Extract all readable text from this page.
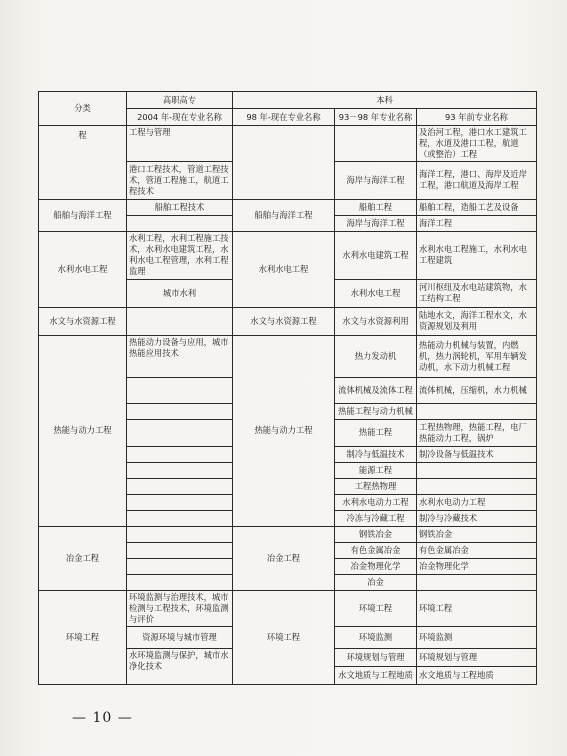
分类	高职高专	本科		
	2004 年-现在专业名称	98 年-现在专业名称	93－98 年专业名称	93 年前专业名称
程	工程与管理			及治河工程，港口水工建筑工程，水道及港口工程，航道（或整治）工程
	港口工程技术，管道工程技术，管道工程施工，航道工程技术		海岸与海洋工程	海洋工程，港口、海岸及近岸工程，港口航道及海岸工程
船舶与海洋工程	船舶工程技术	船舶与海洋工程	船舶工程	船舶工程，造船工艺及设备
			海岸与海洋工程	海洋工程
水利水电工程	水利工程，水利工程施工技术，水利水电建筑工程，水利水电工程管理，水利工程监理	水利水电工程	水利水电建筑工程	水利水电工程施工，水利水电工程建筑
	城市水利		水利水电工程	河川枢纽及水电站建筑物，水工结构工程
水文与水资源工程		水文与水资源工程	水文与水资源利用	陆地水文，海洋工程水文，水资源规划及利用
热能与动力工程	热能动力设备与应用，城市热能应用技术	热能与动力工程	热力发动机	热能动力机械与装置，内燃机，热力涡轮机，军用车辆发动机，水下动力机械工程
			流体机械及流体工程	流体机械，压缩机，水力机械
			热能工程与动力机械	
			热能工程	工程热物理，热能工程，电厂热能动力工程，锅炉
			制冷与低温技术	制冷设备与低温技术
			能源工程	
			工程热物理	
			水利水电动力工程	水利水电动力工程
			冷冻与冷藏工程	制冷与冷藏技术
冶金工程		冶金工程	钢铁冶金	钢铁冶金
			有色金属冶金	有色金属冶金
			冶金物理化学	冶金物理化学
			冶金	
环境工程	环境监测与治理技术，城市检测与工程技术，环境监测与评价	环境工程	环境工程	环境工程
	资源环境与城市管理		环境监测	环境监测
	水环境监测与保护，城市水净化技术		环境规划与管理	环境规划与管理
			水文地质与工程地质	水文地质与工程地质
— 10 —
